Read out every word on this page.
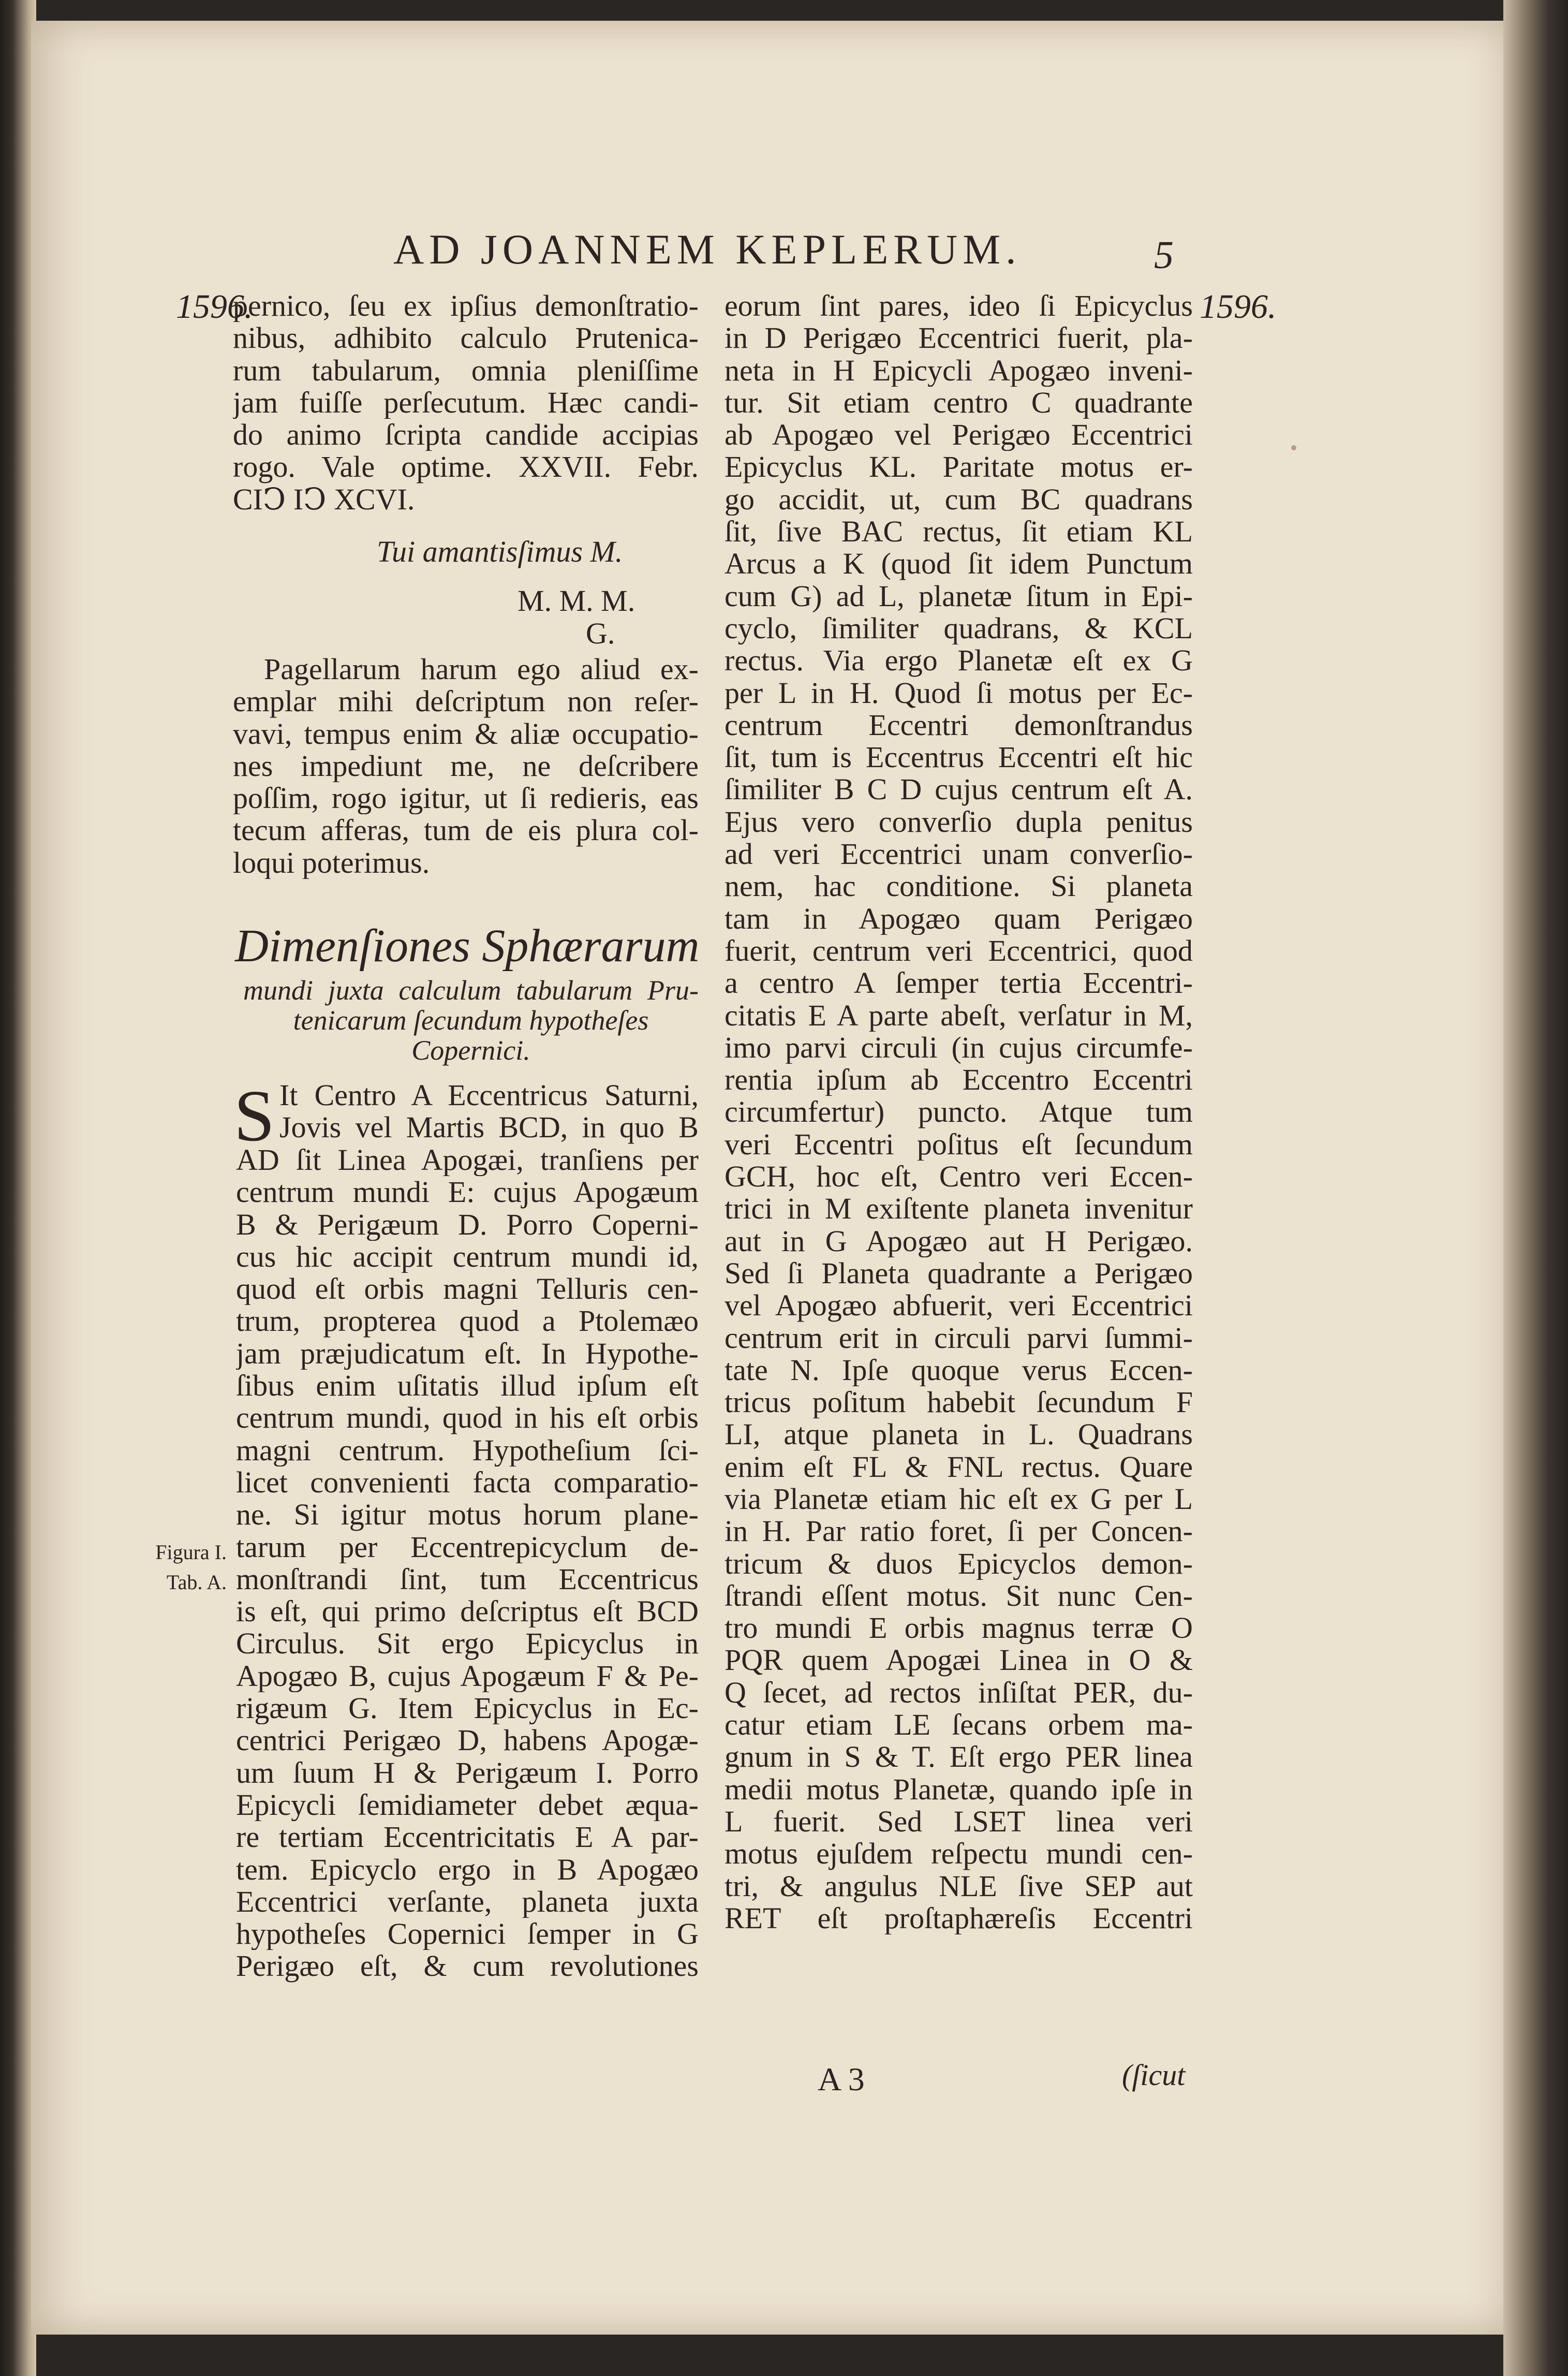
AD JOANNEM KEPLERUM.	5
1596.	1596.
pernico, ſeu ex ipſius demonſtratio-
nibus, adhibito calculo Prutenica-
rum tabularum, omnia pleniſſime
jam fuiſſe perſecutum. Hæc candi-
do animo ſcripta candide accipias
rogo. Vale optime. XXVII. Febr.
CIↃ IↃ XCVI.
Tui amantisſimus M.
M. M. M.
G.
Pagellarum harum ego aliud ex-
emplar mihi deſcriptum non reſer-
vavi, tempus enim & aliæ occupatio-
nes impediunt me, ne deſcribere
poſſim, rogo igitur, ut ſi redieris, eas
tecum afferas, tum de eis plura col-
loqui poterimus.
Dimenſiones Sphærarum
mundi juxta calculum tabularum Pru-
tenicarum ſecundum hypotheſes
Copernici.
S It Centro A Eccentricus Saturni,
Jovis vel Martis BCD, in quo B
AD ſit Linea Apogæi, tranſiens per
centrum mundi E: cujus Apogæum
B & Perigæum D. Porro Coperni-
cus hic accipit centrum mundi id,
quod eſt orbis magni Telluris cen-
trum, propterea quod a Ptolemæo
jam præjudicatum eſt. In Hypothe-
ſibus enim uſitatis illud ipſum eſt
centrum mundi, quod in his eſt orbis
magni centrum. Hypotheſium ſci-
licet convenienti facta comparatio-
ne. Si igitur motus horum plane-
tarum per Eccentrepicyclum de-
monſtrandi ſint, tum Eccentricus
is eſt, qui primo deſcriptus eſt BCD
Circulus. Sit ergo Epicyclus in
Apogæo B, cujus Apogæum F & Pe-
rigæum G. Item Epicyclus in Ec-
centrici Perigæo D, habens Apogæ-
um ſuum H & Perigæum I. Porro
Epicycli ſemidiameter debet æqua-
re tertiam Eccentricitatis E A par-
tem. Epicyclo ergo in B Apogæo
Eccentrici verſante, planeta juxta
hypotheſes Copernici ſemper in G
Perigæo eſt, & cum revolutiones
Figura I.
Tab. A.
eorum ſint pares, ideo ſi Epicyclus
in D Perigæo Eccentrici fuerit, pla-
neta in H Epicycli Apogæo inveni-
tur. Sit etiam centro C quadrante
ab Apogæo vel Perigæo Eccentrici
Epicyclus KL. Paritate motus er-
go accidit, ut, cum BC quadrans
ſit, ſive BAC rectus, ſit etiam KL
Arcus a K (quod ſit idem Punctum
cum G) ad L, planetæ ſitum in Epi-
cyclo, ſimiliter quadrans, & KCL
rectus. Via ergo Planetæ eſt ex G
per L in H. Quod ſi motus per Ec-
centrum Eccentri demonſtrandus
ſit, tum is Eccentrus Eccentri eſt hic
ſimiliter B C D cujus centrum eſt A.
Ejus vero converſio dupla penitus
ad veri Eccentrici unam converſio-
nem, hac conditione. Si planeta
tam in Apogæo quam Perigæo
fuerit, centrum veri Eccentrici, quod
a centro A ſemper tertia Eccentri-
citatis E A parte abeſt, verſatur in M,
imo parvi circuli (in cujus circumfe-
rentia ipſum ab Eccentro Eccentri
circumfertur) puncto. Atque tum
veri Eccentri poſitus eſt ſecundum
GCH, hoc eſt, Centro veri Eccen-
trici in M exiſtente planeta invenitur
aut in G Apogæo aut H Perigæo.
Sed ſi Planeta quadrante a Perigæo
vel Apogæo abfuerit, veri Eccentrici
centrum erit in circuli parvi ſummi-
tate N. Ipſe quoque verus Eccen-
tricus poſitum habebit ſecundum F
LI, atque planeta in L. Quadrans
enim eſt FL & FNL rectus. Quare
via Planetæ etiam hic eſt ex G per L
in H. Par ratio foret, ſi per Concen-
tricum & duos Epicyclos demon-
ſtrandi eſſent motus. Sit nunc Cen-
tro mundi E orbis magnus terræ O
PQR quem Apogæi Linea in O &
Q ſecet, ad rectos inſiſtat PER, du-
catur etiam LE ſecans orbem ma-
gnum in S & T. Eſt ergo PER linea
medii motus Planetæ, quando ipſe in
L fuerit. Sed LSET linea veri
motus ejuſdem reſpectu mundi cen-
tri, & angulus NLE ſive SEP aut
RET eſt proſtaphæreſis Eccentri
A 3	(ſicut
